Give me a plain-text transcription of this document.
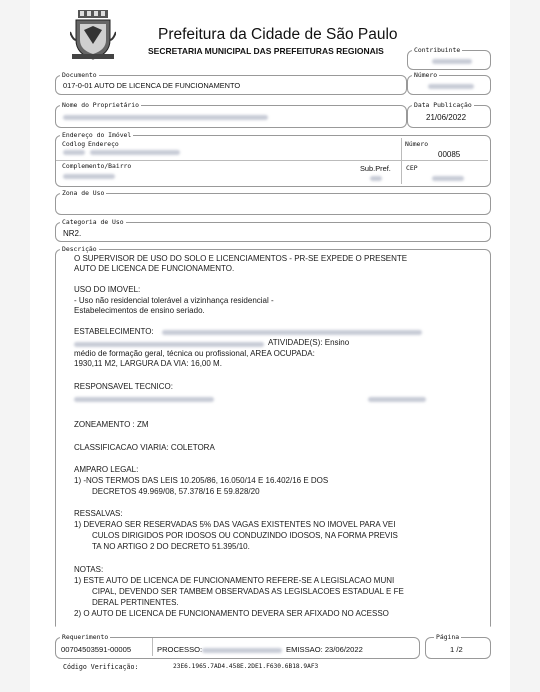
Prefeitura da Cidade de São Paulo
SECRETARIA MUNICIPAL DAS PREFEITURAS REGIONAIS	Contribuinte
Documento
017-0-01 AUTO DE LICENCA DE FUNCIONAMENTO
Número
Nome do Proprietário	Data Publicação
21/06/2022
Endereço do Imóvel
Codlog Endereço	Número
00085
Complemento/Bairro	Sub.Pref.	CEP
Zona de Uso
Categoria de Uso
NR2.
Descrição
O SUPERVISOR DE USO DO SOLO E LICENCIAMENTOS - PR-SE EXPEDE O PRESENTE
AUTO DE LICENCA DE FUNCIONAMENTO.
USO DO IMOVEL:
- Uso não residencial tolerável a vizinhança residencial -
Estabelecimentos de ensino seriado.
ESTABELECIMENTO:
ATIVIDADE(S): Ensino
médio de formação geral, técnica ou profissional, AREA OCUPADA:
1930,11 M2, LARGURA DA VIA: 16,00 M.
RESPONSAVEL TECNICO:
ZONEAMENTO : ZM
CLASSIFICACAO VIARIA: COLETORA
AMPARO LEGAL:
1) -NOS TERMOS DAS LEIS 10.205/86, 16.050/14 E 16.402/16 E DOS
DECRETOS 49.969/08, 57.378/16 E 59.828/20
RESSALVAS:
1) DEVERAO SER RESERVADAS 5% DAS VAGAS EXISTENTES NO IMOVEL PARA VEI
CULOS DIRIGIDOS POR IDOSOS OU CONDUZINDO IDOSOS, NA FORMA PREVIS
TA NO ARTIGO 2 DO DECRETO 51.395/10.
NOTAS:
1) ESTE AUTO DE LICENCA DE FUNCIONAMENTO REFERE-SE A LEGISLACAO MUNI
CIPAL, DEVENDO SER TAMBEM OBSERVADAS AS LEGISLACOES ESTADUAL E FE
DERAL PERTINENTES.
2) O AUTO DE LICENCA DE FUNCIONAMENTO DEVERA SER AFIXADO NO ACESSO
Requerimento
00704503591-00005	PROCESSO:	EMISSAO: 23/06/2022
Página
1 /2
Código Verificação:	23E6.1965.7AD4.458E.2DE1.F630.6B18.9AF3
